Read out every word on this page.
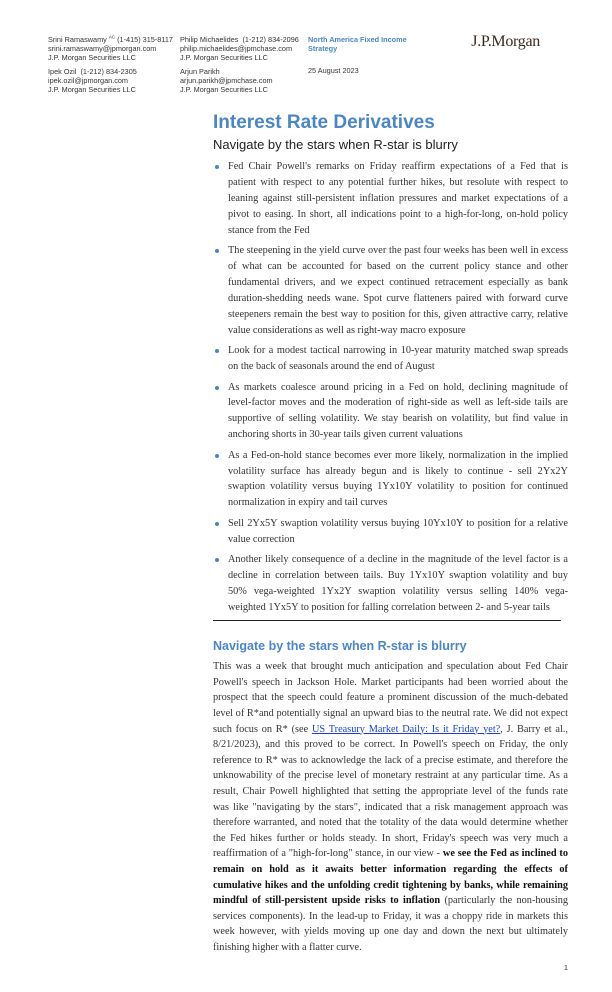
Srini Ramaswamy $^{AC}$ (1-415) 315-8117
srini.ramaswamy@jpmorgan.com
J.P. Morgan Securities LLC
Ipek Ozil (1-212) 834-2305
ipek.ozil@jpmorgan.com
J.P. Morgan Securities LLC
Philip Michaelides (1-212) 834-2096
philip.michaelides@jpmchase.com
J.P. Morgan Securities LLC
Arjun Parikh
arjun.parikh@jpmchase.com
J.P. Morgan Securities LLC
North America Fixed Income Strategy
25 August 2023
J.P.Morgan
Interest Rate Derivatives
Navigate by the stars when R-star is blurry
Fed Chair Powell's remarks on Friday reaffirm expectations of a Fed that is patient with respect to any potential further hikes, but resolute with respect to leaning against still-persistent inflation pressures and market expectations of a pivot to easing. In short, all indications point to a high-for-long, on-hold policy stance from the Fed
The steepening in the yield curve over the past four weeks has been well in excess of what can be accounted for based on the current policy stance and other fundamental drivers, and we expect continued retracement especially as bank duration-shedding needs wane. Spot curve flatteners paired with forward curve steepeners remain the best way to position for this, given attractive carry, relative value considerations as well as right-way macro exposure
Look for a modest tactical narrowing in 10-year maturity matched swap spreads on the back of seasonals around the end of August
As markets coalesce around pricing in a Fed on hold, declining magnitude of level-factor moves and the moderation of right-side as well as left-side tails are supportive of selling volatility. We stay bearish on volatility, but find value in anchoring shorts in 30-year tails given current valuations
As a Fed-on-hold stance becomes ever more likely, normalization in the implied volatility surface has already begun and is likely to continue - sell 2Yx2Y swaption volatility versus buying 1Yx10Y volatility to position for continued normalization in expiry and tail curves
Sell 2Yx5Y swaption volatility versus buying 10Yx10Y to position for a relative value correction
Another likely consequence of a decline in the magnitude of the level factor is a decline in correlation between tails. Buy 1Yx10Y swaption volatility and buy 50% vega-weighted 1Yx2Y swaption volatility versus selling 140% vega-weighted 1Yx5Y to position for falling correlation between 2- and 5-year tails
Navigate by the stars when R-star is blurry
This was a week that brought much anticipation and speculation about Fed Chair Powell's speech in Jackson Hole. Market participants had been worried about the prospect that the speech could feature a prominent discussion of the much-debated level of R*and potentially signal an upward bias to the neutral rate. We did not expect such focus on R* (see US Treasury Market Daily: Is it Friday yet?, J. Barry et al., 8/21/2023), and this proved to be correct. In Powell's speech on Friday, the only reference to R* was to acknowledge the lack of a precise estimate, and therefore the unknowability of the precise level of monetary restraint at any particular time. As a result, Chair Powell highlighted that setting the appropriate level of the funds rate was like "navigating by the stars", indicated that a risk management approach was therefore warranted, and noted that the totality of the data would determine whether the Fed hikes further or holds steady. In short, Friday's speech was very much a reaffirmation of a "high-for-long" stance, in our view - we see the Fed as inclined to remain on hold as it awaits better information regarding the effects of cumulative hikes and the unfolding credit tightening by banks, while remaining mindful of still-persistent upside risks to inflation (particularly the non-housing services components). In the lead-up to Friday, it was a choppy ride in markets this week however, with yields moving up one day and down the next but ultimately finishing higher with a flatter curve.
1
